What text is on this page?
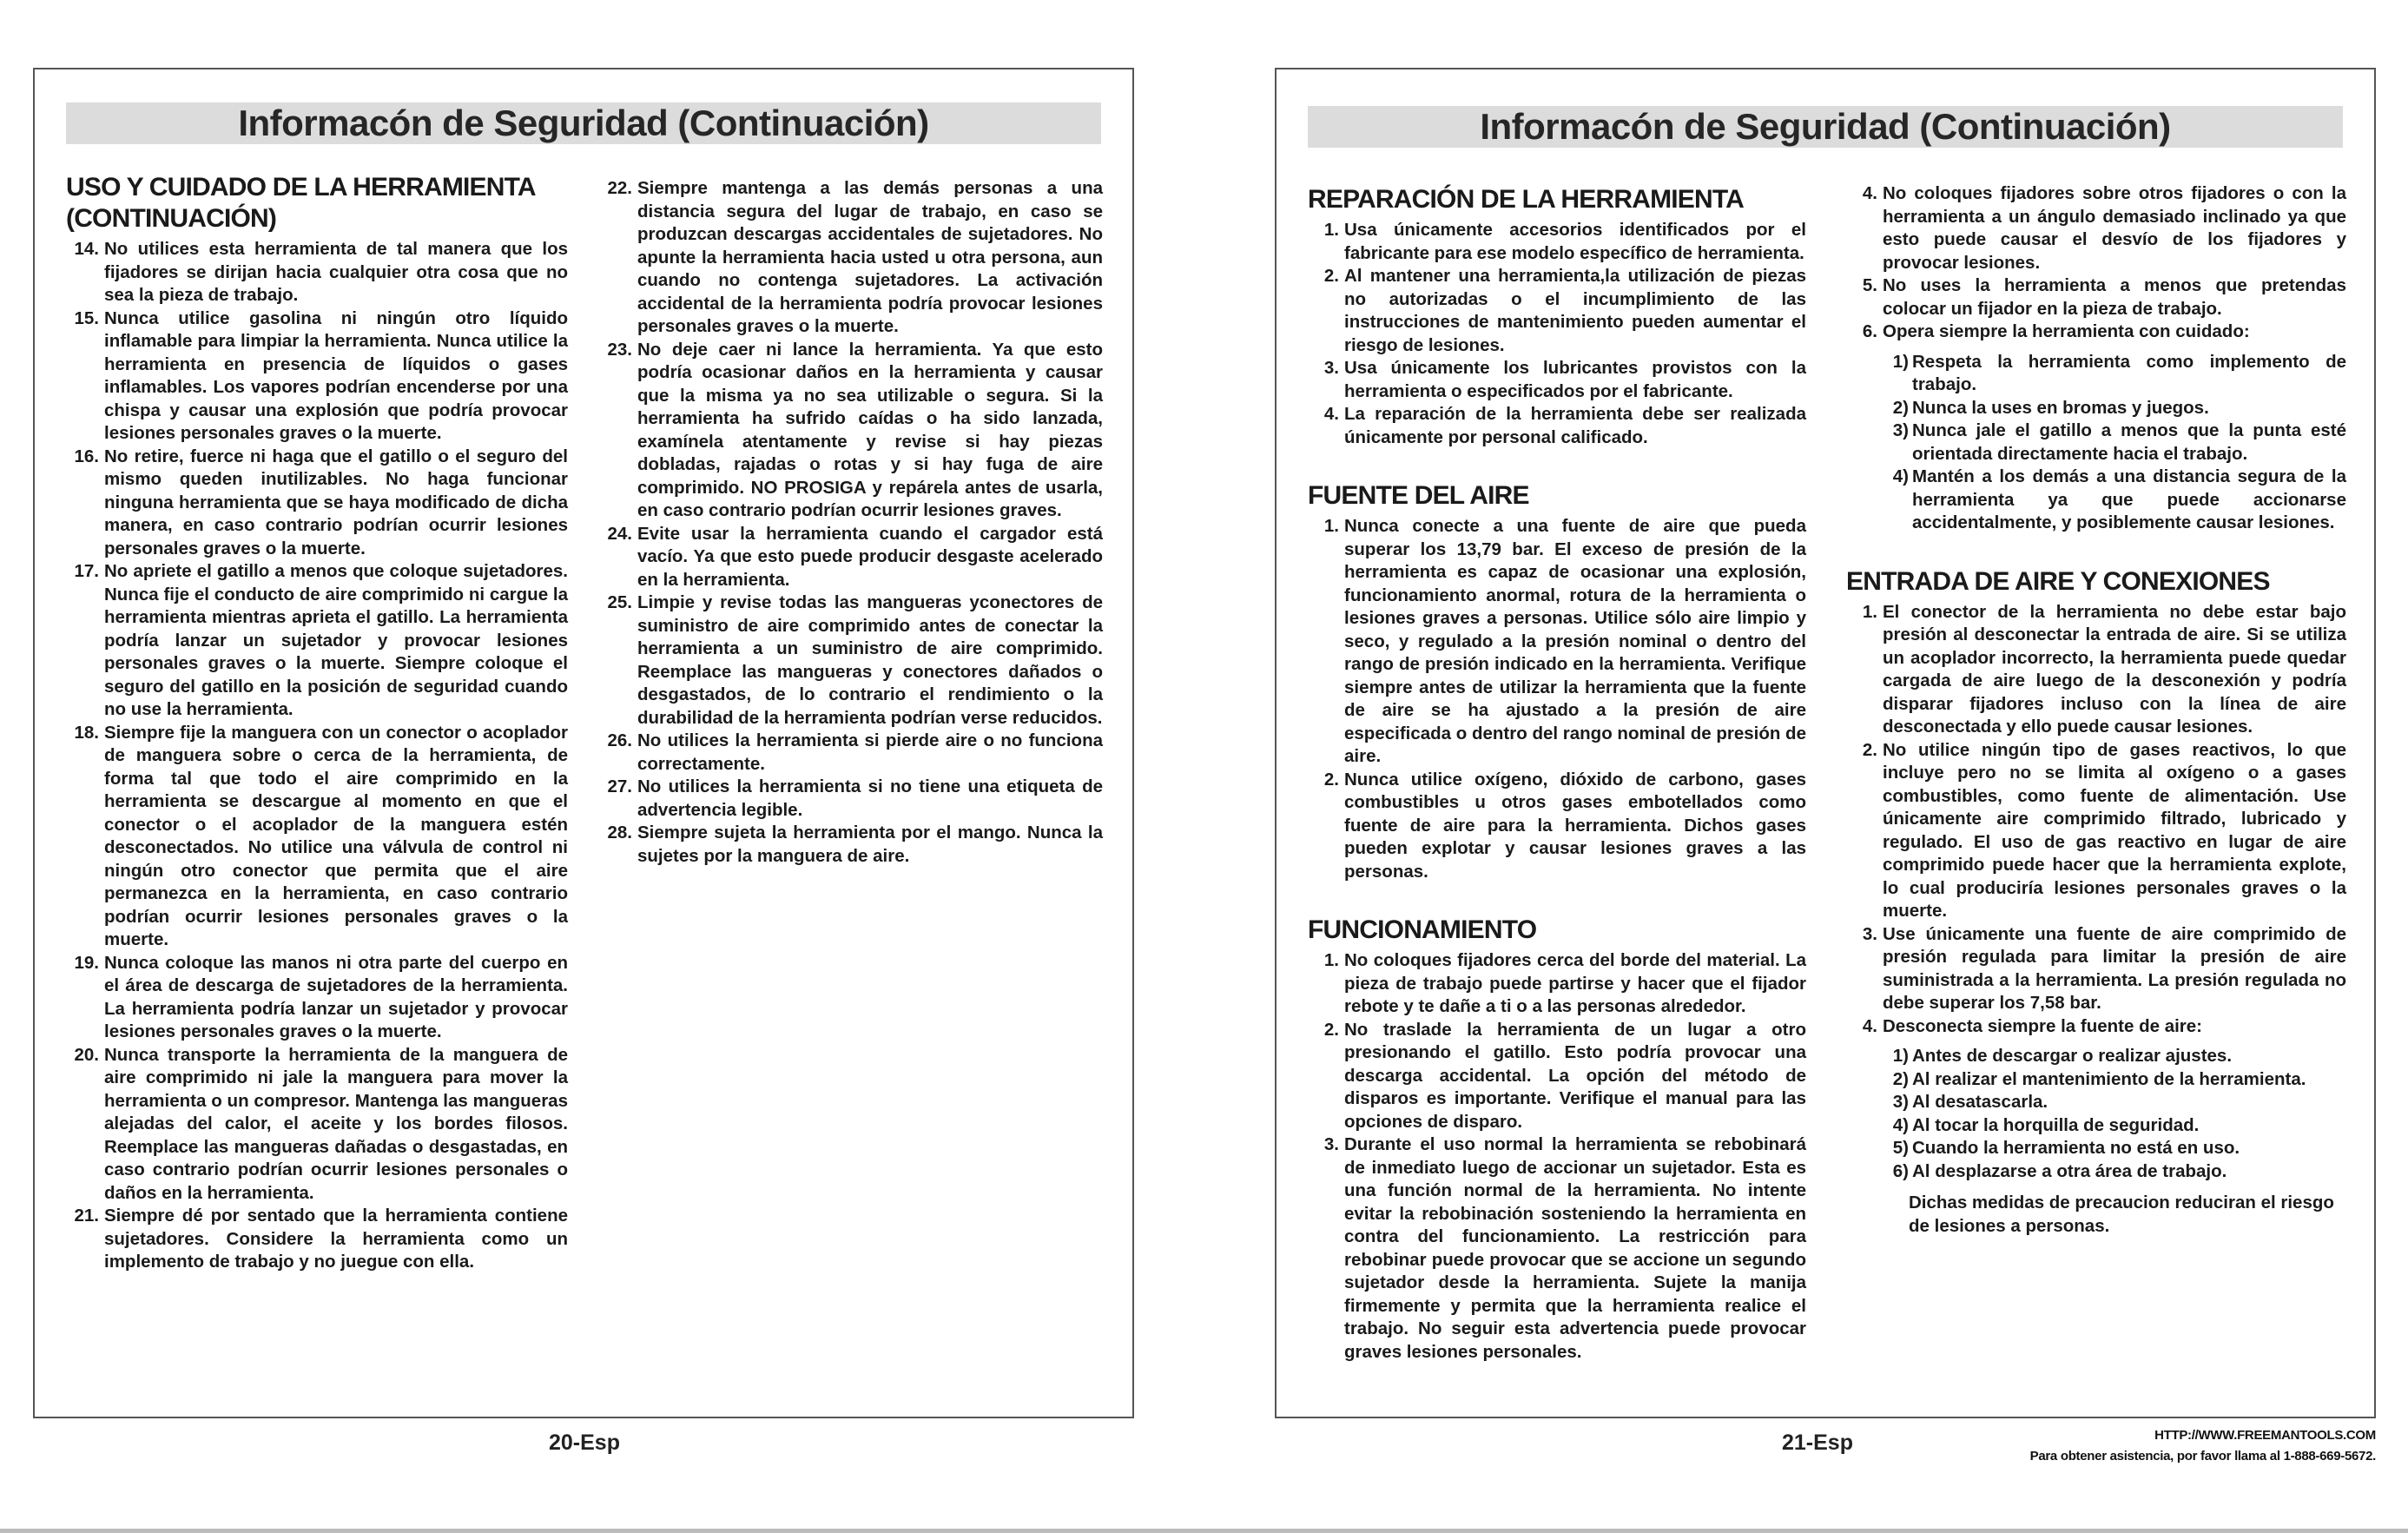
Informacón de Seguridad (Continuación)
USO Y CUIDADO DE LA HERRAMIENTA (CONTINUACIÓN)
14. No utilices esta herramienta de tal manera que los fijadores se dirijan hacia cualquier otra cosa que no sea la pieza de trabajo.
15. Nunca utilice gasolina ni ningún otro líquido inflamable para limpiar la herramienta. Nunca utilice la herramienta en presencia de líquidos o gases inflamables. Los vapores podrían encenderse por una chispa y causar una explosión que podría provocar lesiones personales graves o la muerte.
16. No retire, fuerce ni haga que el gatillo o el seguro del mismo queden inutilizables. No haga funcionar ninguna herramienta que se haya modificado de dicha manera, en caso contrario podrían ocurrir lesiones personales graves o la muerte.
17. No apriete el gatillo a menos que coloque sujetadores. Nunca fije el conducto de aire comprimido ni cargue la herramienta mientras aprieta el gatillo. La herramienta podría lanzar un sujetador y provocar lesiones personales graves o la muerte. Siempre coloque el seguro del gatillo en la posición de seguridad cuando no use la herramienta.
18. Siempre fije la manguera con un conector o acoplador de manguera sobre o cerca de la herramienta, de forma tal que todo el aire comprimido en la herramienta se descargue al momento en que el conector o el acoplador de la manguera estén desconectados. No utilice una válvula de control ni ningún otro conector que permita que el aire permanezca en la herramienta, en caso contrario podrían ocurrir lesiones personales graves o la muerte.
19. Nunca coloque las manos ni otra parte del cuerpo en el área de descarga de sujetadores de la herramienta. La herramienta podría lanzar un sujetador y provocar lesiones personales graves o la muerte.
20. Nunca transporte la herramienta de la manguera de aire comprimido ni jale la manguera para mover la herramienta o un compresor. Mantenga las mangueras alejadas del calor, el aceite y los bordes filosos. Reemplace las mangueras dañadas o desgastadas, en caso contrario podrían ocurrir lesiones personales o daños en la herramienta.
21. Siempre dé por sentado que la herramienta contiene sujetadores. Considere la herramienta como un implemento de trabajo y no juegue con ella.
22. Siempre mantenga a las demás personas a una distancia segura del lugar de trabajo, en caso se produzcan descargas accidentales de sujetadores. No apunte la herramienta hacia usted u otra persona, aun cuando no contenga sujetadores. La activación accidental de la herramienta podría provocar lesiones personales graves o la muerte.
23. No deje caer ni lance la herramienta. Ya que esto podría ocasionar daños en la herramienta y causar que la misma ya no sea utilizable o segura. Si la herramienta ha sufrido caídas o ha sido lanzada, examínela atentamente y revise si hay piezas dobladas, rajadas o rotas y si hay fuga de aire comprimido. NO PROSIGA y repárela antes de usarla, en caso contrario podrían ocurrir lesiones graves.
24. Evite usar la herramienta cuando el cargador está vacío. Ya que esto puede producir desgaste acelerado en la herramienta.
25. Limpie y revise todas las mangueras yconectores de suministro de aire comprimido antes de conectar la herramienta a un suministro de aire comprimido. Reemplace las mangueras y conectores dañados o desgastados, de lo contrario el rendimiento o la durabilidad de la herramienta podrían verse reducidos.
26. No utilices la herramienta si pierde aire o no funciona correctamente.
27. No utilices la herramienta si no tiene una etiqueta de advertencia legible.
28. Siempre sujeta la herramienta por el mango. Nunca la sujetes por la manguera de aire.
Informacón de Seguridad (Continuación)
REPARACIÓN DE LA HERRAMIENTA
1. Usa únicamente accesorios identificados por el fabricante para ese modelo específico de herramienta.
2. Al mantener una herramienta,la utilización de piezas no autorizadas o el incumplimiento de las instrucciones de mantenimiento pueden aumentar el riesgo de lesiones.
3. Usa únicamente los lubricantes provistos con la herramienta o especificados por el fabricante.
4. La reparación de la herramienta debe ser realizada únicamente por personal calificado.
FUENTE DEL AIRE
1. Nunca conecte a una fuente de aire que pueda superar los 13,79 bar. El exceso de presión de la herramienta es capaz de ocasionar una explosión, funcionamiento anormal, rotura de la herramienta o lesiones graves a personas. Utilice sólo aire limpio y seco, y regulado a la presión nominal o dentro del rango de presión indicado en la herramienta. Verifique siempre antes de utilizar la herramienta que la fuente de aire se ha ajustado a la presión de aire especificada o dentro del rango nominal de presión de aire.
2. Nunca utilice oxígeno, dióxido de carbono, gases combustibles u otros gases embotellados como fuente de aire para la herramienta. Dichos gases pueden explotar y causar lesiones graves a las personas.
FUNCIONAMIENTO
1. No coloques fijadores cerca del borde del material. La pieza de trabajo puede partirse y hacer que el fijador rebote y te dañe a ti o a las personas alrededor.
2. No traslade la herramienta de un lugar a otro presionando el gatillo. Esto podría provocar una descarga accidental. La opción del método de disparos es importante. Verifique el manual para las opciones de disparo.
3. Durante el uso normal la herramienta se rebobinará de inmediato luego de accionar un sujetador. Esta es una función normal de la herramienta. No intente evitar la rebobinación sosteniendo la herramienta en contra del funcionamiento. La restricción para rebobinar puede provocar que se accione un segundo sujetador desde la herramienta. Sujete la manija firmemente y permita que la herramienta realice el trabajo. No seguir esta advertencia puede provocar graves lesiones personales.
4. No coloques fijadores sobre otros fijadores o con la herramienta a un ángulo demasiado inclinado ya que esto puede causar el desvío de los fijadores y provocar lesiones.
5. No uses la herramienta a menos que pretendas colocar un fijador en la pieza de trabajo.
6. Opera siempre la herramienta con cuidado:
1) Respeta la herramienta como implemento de trabajo.
2) Nunca la uses en bromas y juegos.
3) Nunca jale el gatillo a menos que la punta esté orientada directamente hacia el trabajo.
4) Mantén a los demás a una distancia segura de la herramienta ya que puede accionarse accidentalmente, y posiblemente causar lesiones.
ENTRADA DE AIRE Y CONEXIONES
1. El conector de la herramienta no debe estar bajo presión al desconectar la entrada de aire. Si se utiliza un acoplador incorrecto, la herramienta puede quedar cargada de aire luego de la desconexión y podría disparar fijadores incluso con la línea de aire desconectada y ello puede causar lesiones.
2. No utilice ningún tipo de gases reactivos, lo que incluye pero no se limita al oxígeno o a gases combustibles, como fuente de alimentación. Use únicamente aire comprimido filtrado, lubricado y regulado. El uso de gas reactivo en lugar de aire comprimido puede hacer que la herramienta explote, lo cual produciría lesiones personales graves o la muerte.
3. Use únicamente una fuente de aire comprimido de presión regulada para limitar la presión de aire suministrada a la herramienta. La presión regulada no debe superar los 7,58 bar.
4. Desconecta siempre la fuente de aire:
1) Antes de descargar o realizar ajustes.
2) Al realizar el mantenimiento de la herramienta.
3) Al desatascarla.
4) Al tocar la horquilla de seguridad.
5) Cuando la herramienta no está en uso.
6) Al desplazarse a otra área de trabajo.
Dichas medidas de precaucion reduciran el riesgo de lesiones a personas.
20-Esp	21-Esp	HTTP://WWW.FREEMANTOOLS.COM
Para obtener asistencia, por favor llama al 1-888-669-5672.
